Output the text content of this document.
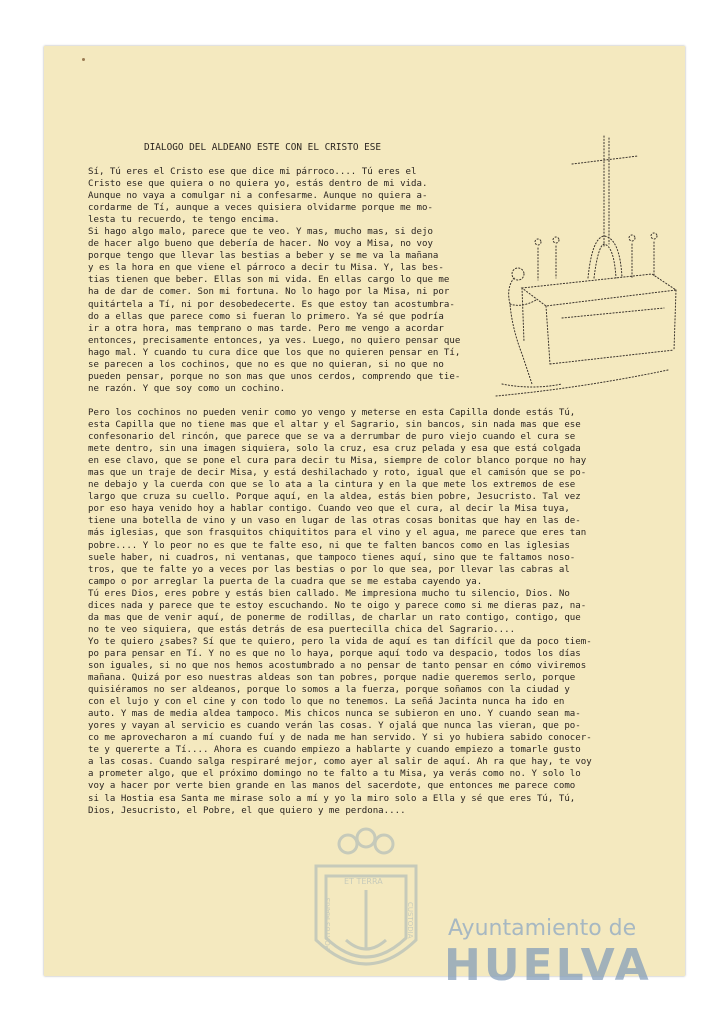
DIALOGO DEL ALDEANO ESTE CON EL CRISTO ESE
Sí, Tú eres el Cristo ese que dice mi párroco.... Tú eres el
Cristo ese que quiera o no quiera yo, estás dentro de mi vida.
Aunque no vaya a comulgar ni a confesarme. Aunque no quiera a-
cordarme de Tí, aunque a veces quisiera olvidarme porque me mo-
lesta tu recuerdo, te tengo encima.
Si hago algo malo, parece que te veo. Y mas, mucho mas, si dejo
de hacer algo bueno que debería de hacer. No voy a Misa, no voy
porque tengo que llevar las bestias a beber y se me va la mañana
y es la hora en que viene el párroco a decir tu Misa. Y, las bes-
tias tienen que beber. Ellas son mi vida. En ellas cargo lo que me
ha de dar de comer. Son mi fortuna. No lo hago por la Misa, ni por
quitártela a Tí, ni por desobedecerte. Es que estoy tan acostumbra-
do a ellas que parece como si fueran lo primero. Ya sé que podría
ir a otra hora, mas temprano o mas tarde. Pero me vengo a acordar
entonces, precisamente entonces, ya ves. Luego, no quiero pensar que
hago mal. Y cuando tu cura dice que los que no quieren pensar en Tí,
se parecen a los cochinos, que no es que no quieran, si no que no
pueden pensar, porque no son mas que unos cerdos, comprendo que tie-
ne razón. Y que soy como un cochino.
Pero los cochinos no pueden venir como yo vengo y meterse en esta Capilla donde estás Tú,
esta Capilla que no tiene mas que el altar y el Sagrario, sin bancos, sin nada mas que ese
confesonario del rincón, que parece que se va a derrumbar de puro viejo cuando el cura se
mete dentro, sin una imagen siquiera, solo la cruz, esa cruz pelada y esa que está colgada
en ese clavo, que se pone el cura para decir tu Misa, siempre de color blanco porque no hay
mas que un traje de decir Misa, y está deshilachado y roto, igual que el camisón que se po-
ne debajo y la cuerda con que se lo ata a la cintura y en la que mete los extremos de ese
largo que cruza su cuello. Porque aquí, en la aldea, estás bien pobre, Jesucristo. Tal vez
por eso haya venido hoy a hablar contigo. Cuando veo que el cura, al decir la Misa tuya,
tiene una botella de vino y un vaso en lugar de las otras cosas bonitas que hay en las de-
más iglesias, que son frasquitos chiquititos para el vino y el agua, me parece que eres tan
pobre.... Y lo peor no es que te falte eso, ni que te falten bancos como en las iglesias
suele haber, ni cuadros, ni ventanas, que tampoco tienes aquí, sino que te faltamos noso-
tros, que te falte yo a veces por las bestias o por lo que sea, por llevar las cabras al
campo o por arreglar la puerta de la cuadra que se me estaba cayendo ya.
Tú eres Dios, eres pobre y estás bien callado. Me impresiona mucho tu silencio, Dios. No
dices nada y parece que te estoy escuchando. No te oigo y parece como si me dieras paz, na-
da mas que de venir aquí, de ponerme de rodillas, de charlar un rato contigo, contigo, que
no te veo siquiera, que estás detrás de esa puertecilla chica del Sagrario....
Yo te quiero ¿sabes? Sí que te quiero, pero la vida de aquí es tan difícil que da poco tiem-
po para pensar en Tí. Y no es que no lo haya, porque aquí todo va despacio, todos los días
son iguales, si no que nos hemos acostumbrado a no pensar de tanto pensar en cómo viviremos
mañana. Quizá por eso nuestras aldeas son tan pobres, porque nadie queremos serlo, porque
quisiéramos no ser aldeanos, porque lo somos a la fuerza, porque soñamos con la ciudad y
con el lujo y con el cine y con todo lo que no tenemos. La señá Jacinta nunca ha ido en
auto. Y mas de media aldea tampoco. Mis chicos nunca se subieron en uno. Y cuando sean ma-
yores y vayan al servicio es cuando verán las cosas. Y ojalá que nunca las vieran, que po-
co me aprovecharon a mí cuando fuí y de nada me han servido. Y si yo hubiera sabido conocer-
te y quererte a Tí.... Ahora es cuando empiezo a hablarte y cuando empiezo a tomarle gusto
a las cosas. Cuando salga respiraré mejor, como ayer al salir de aquí. Ah ra que hay, te voy
a prometer algo, que el próximo domingo no te falto a tu Misa, ya verás como no. Y solo lo
voy a hacer por verte bien grande en las manos del sacerdote, que entonces me parece como
si la Hostia esa Santa me mirase solo a mí y yo la miro solo a Ella y sé que eres Tú, Tú,
Dios, Jesucristo, el Pobre, el que quiero y me perdona....
ET TERRA
PORTUS MARIS	CUSTODIA Ayuntamiento de
HUELVA
